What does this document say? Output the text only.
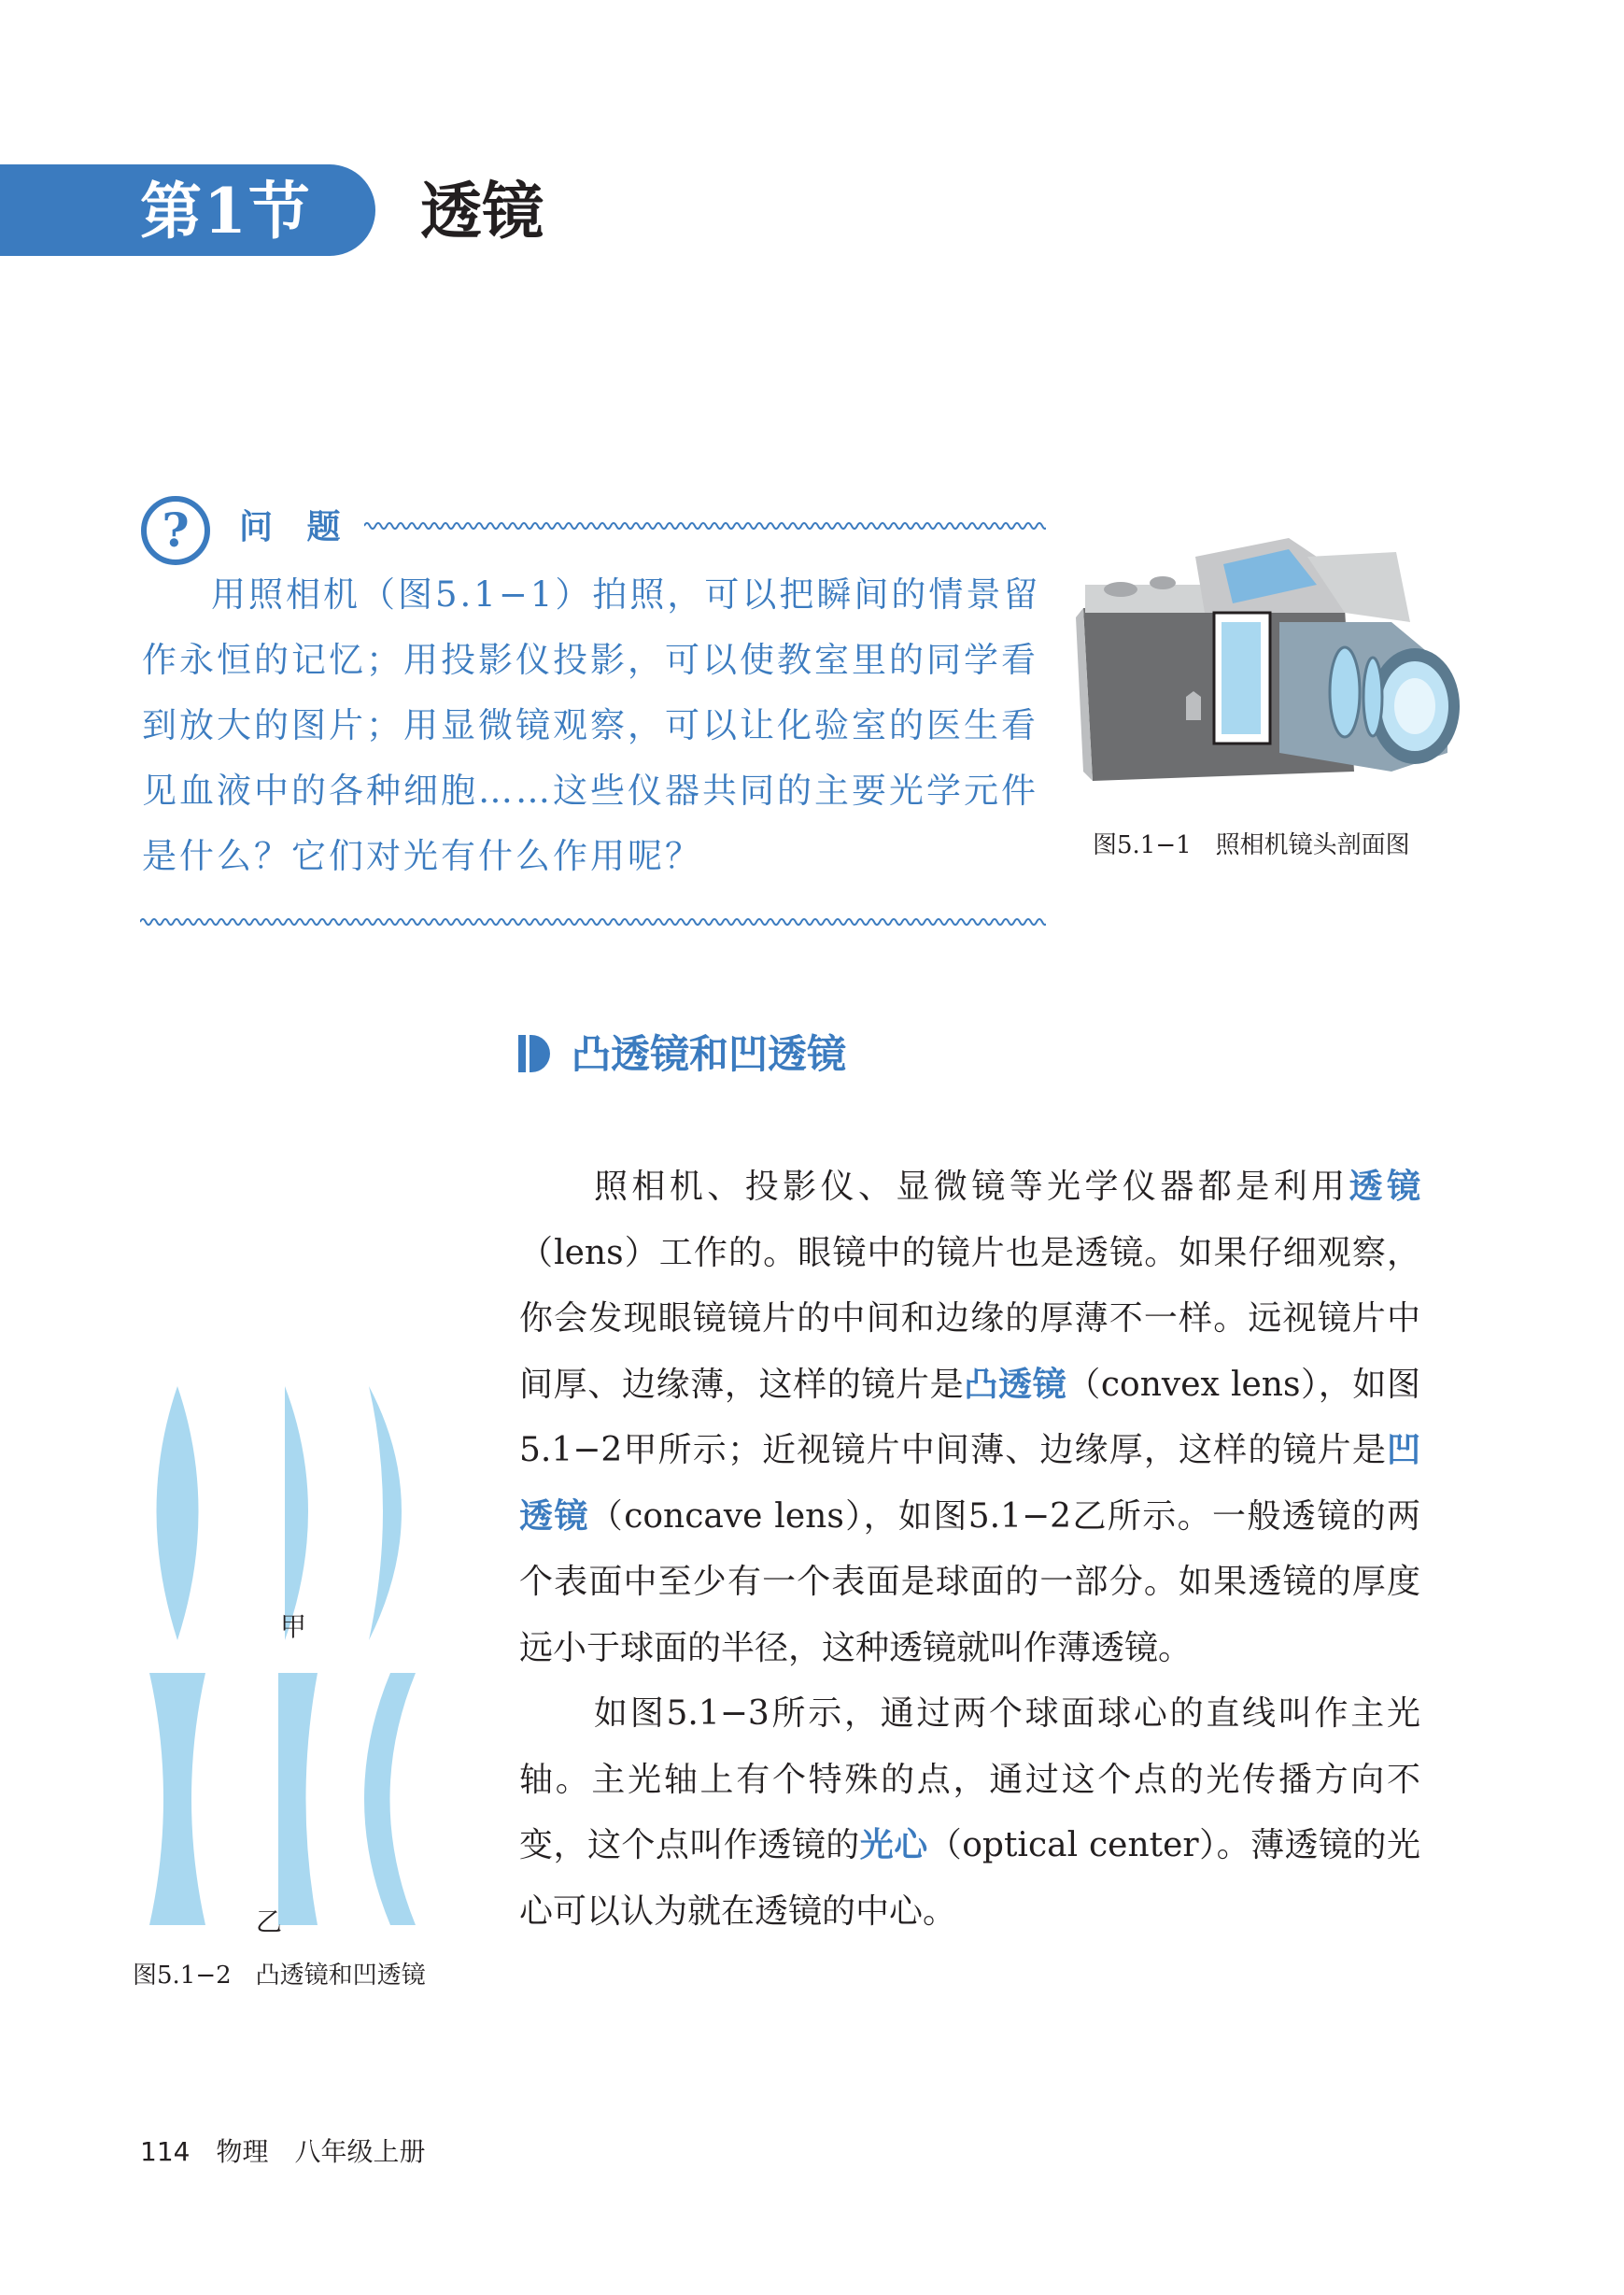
第1节 透镜
? 问 题

用照相机（图5.1−1）拍照，可以把瞬间的情景留作永恒的记忆；用投影仪投影，可以使教室里的同学看到放大的图片；用显微镜观察，可以让化验室的医生看见血液中的各种细胞……这些仪器共同的主要光学元件是什么？它们对光有什么作用呢？	图5.1−1　照相机镜头剖面图
凸透镜和凹透镜

照相机、投影仪、显微镜等光学仪器都是利用透镜（lens）工作的。眼镜中的镜片也是透镜。如果仔细观察，你会发现眼镜镜片的中间和边缘的厚薄不一样。远视镜片中间厚、边缘薄，这样的镜片是凸透镜（convex lens），如图5.1−2甲所示；近视镜片中间薄、边缘厚，这样的镜片是凹透镜（concave lens），如图5.1−2乙所示。一般透镜的两个表面中至少有一个表面是球面的一部分。如果透镜的厚度远小于球面的半径，这种透镜就叫作薄透镜。

如图5.1−3所示，通过两个球面球心的直线叫作主光轴。主光轴上有个特殊的点，通过这个点的光传播方向不变，这个点叫作透镜的光心（optical center）。薄透镜的光心可以认为就在透镜的中心。

甲
乙
图5.1−2　凸透镜和凹透镜
114　物理　八年级上册
